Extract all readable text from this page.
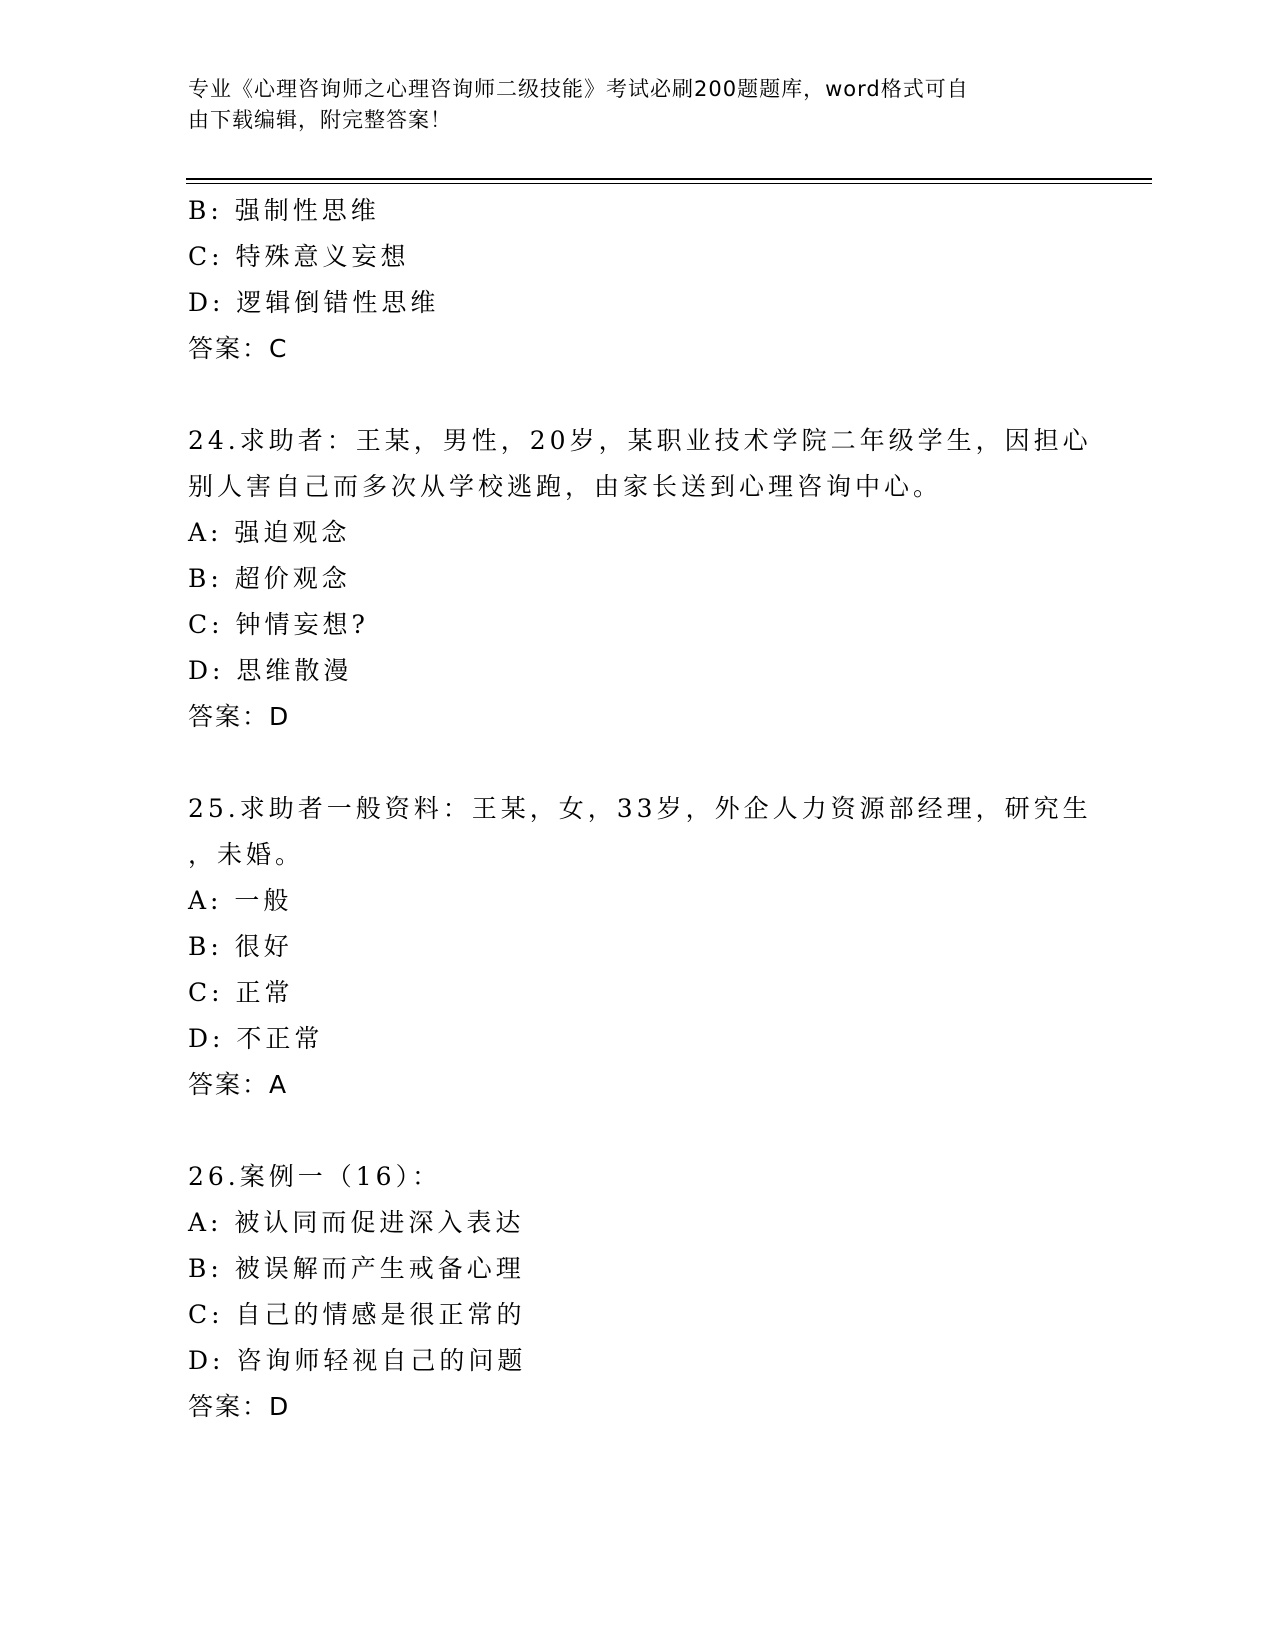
专业《心理咨询师之心理咨询师二级技能》考试必刷200题题库，word格式可自
由下载编辑，附完整答案！
B: 强制性思维
C: 特殊意义妄想
D: 逻辑倒错性思维
答案：C
24.求助者：王某，男性，20岁，某职业技术学院二年级学生，因担心
别人害自己而多次从学校逃跑，由家长送到心理咨询中心。
A: 强迫观念
B: 超价观念
C: 钟情妄想?
D: 思维散漫
答案：D
25.求助者一般资料：王某，女，33岁，外企人力资源部经理，研究生
，未婚。
A: 一般
B: 很好
C: 正常
D: 不正常
答案：A
26.案例一（16）：
A: 被认同而促进深入表达
B: 被误解而产生戒备心理
C: 自己的情感是很正常的
D: 咨询师轻视自己的问题
答案：D
